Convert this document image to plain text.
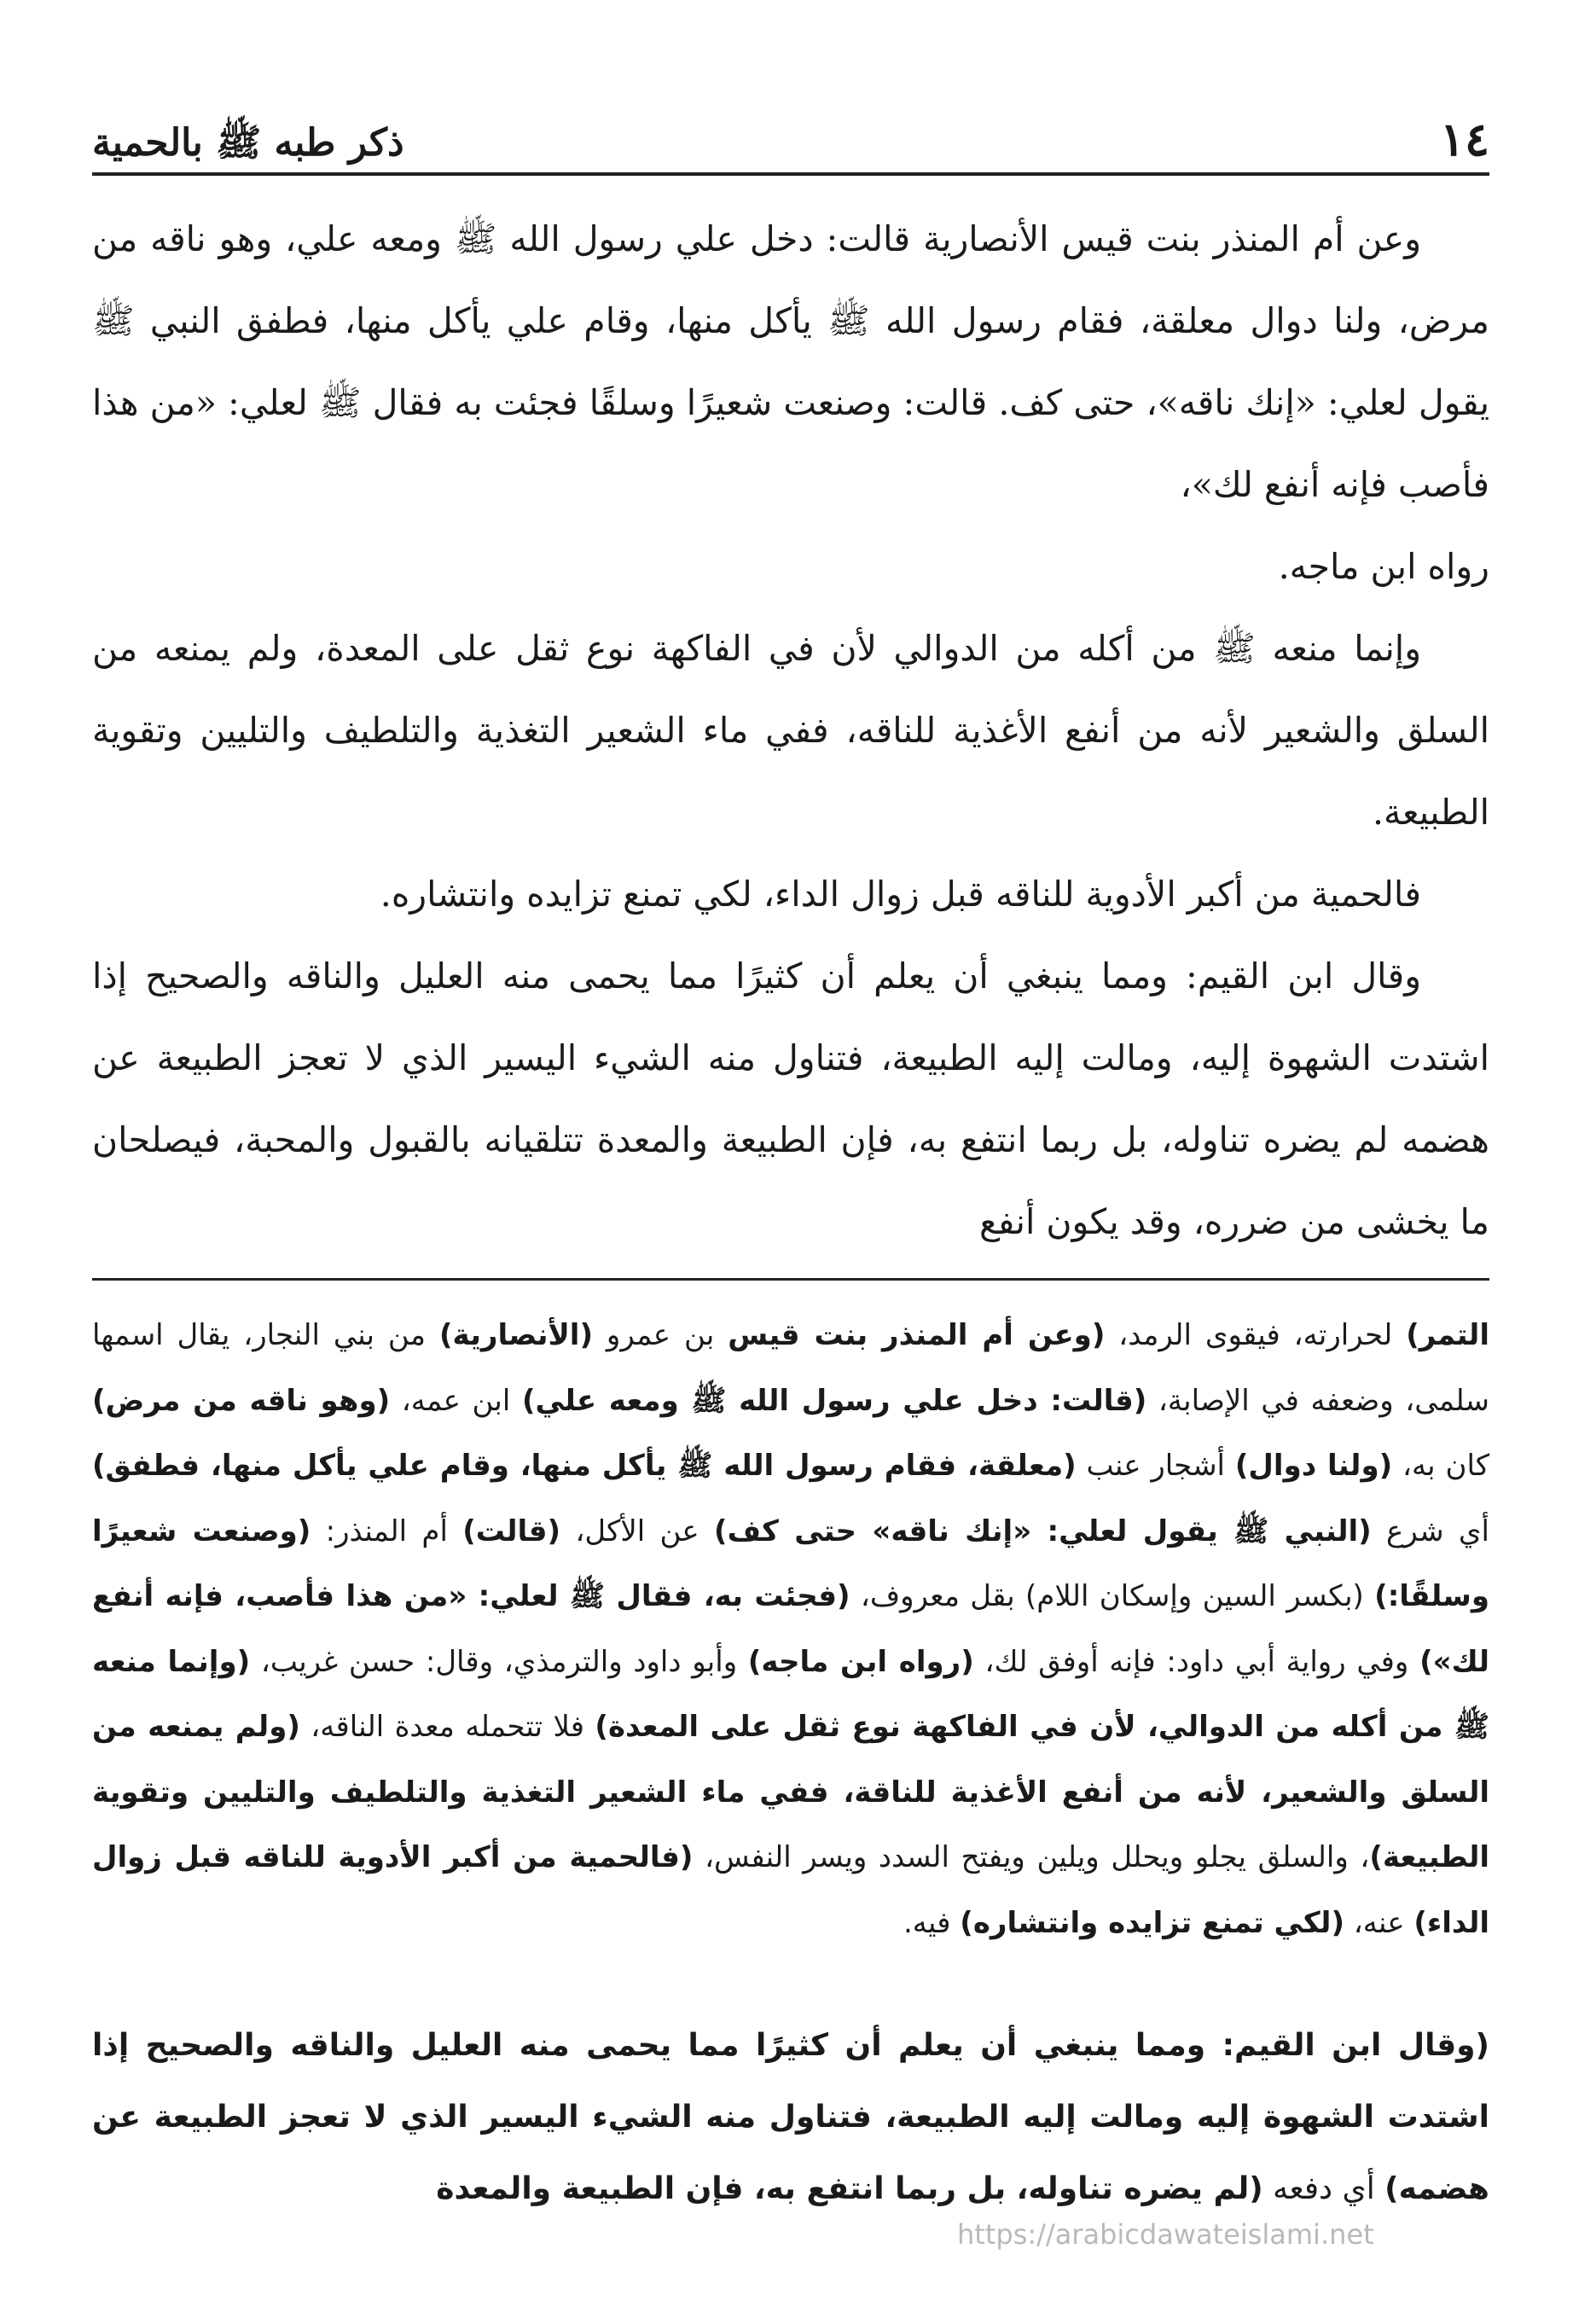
١٤
ذكر طبه ﷺ بالحمية

وعن أم المنذر بنت قيس الأنصارية قالت: دخل علي رسول الله ﷺ ومعه علي، وهو ناقه من مرض، ولنا دوال معلقة، فقام رسول الله ﷺ يأكل منها، وقام علي يأكل منها، فطفق النبي ﷺ يقول لعلي: «إنك ناقه»، حتى كف. قالت: وصنعت شعيرًا وسلقًا فجئت به فقال ﷺ لعلي: «من هذا فأصب فإنه أنفع لك»،

رواه ابن ماجه.

وإنما منعه ﷺ من أكله من الدوالي لأن في الفاكهة نوع ثقل على المعدة، ولم يمنعه من السلق والشعير لأنه من أنفع الأغذية للناقه، ففي ماء الشعير التغذية والتلطيف والتليين وتقوية الطبيعة.

فالحمية من أكبر الأدوية للناقه قبل زوال الداء، لكي تمنع تزايده وانتشاره.

وقال ابن القيم: ومما ينبغي أن يعلم أن كثيرًا مما يحمى منه العليل والناقه والصحيح إذا اشتدت الشهوة إليه، ومالت إليه الطبيعة، فتناول منه الشيء اليسير الذي لا تعجز الطبيعة عن هضمه لم يضره تناوله، بل ربما انتفع به، فإن الطبيعة والمعدة تتلقيانه بالقبول والمحبة، فيصلحان ما يخشى من ضرره، وقد يكون أنفع

التمر) لحرارته، فيقوى الرمد، (وعن أم المنذر بنت قيس بن عمرو (الأنصارية) من بني النجار، يقال اسمها سلمى، وضعفه في الإصابة، (قالت: دخل علي رسول الله ﷺ ومعه علي) ابن عمه، (وهو ناقه من مرض) كان به، (ولنا دوال) أشجار عنب (معلقة، فقام رسول الله ﷺ يأكل منها، وقام علي يأكل منها، فطفق) أي شرع (النبي ﷺ يقول لعلي: «إنك ناقه» حتى كف) عن الأكل، (قالت) أم المنذر: (وصنعت شعيرًا وسلقًا:) (بكسر السين وإسكان اللام) بقل معروف، (فجئت به، فقال ﷺ لعلي: «من هذا فأصب، فإنه أنفع لك») وفي رواية أبي داود: فإنه أوفق لك، (رواه ابن ماجه) وأبو داود والترمذي، وقال: حسن غريب، (وإنما منعه ﷺ من أكله من الدوالي، لأن في الفاكهة نوع ثقل على المعدة) فلا تتحمله معدة الناقه، (ولم يمنعه من السلق والشعير، لأنه من أنفع الأغذية للناقة، ففي ماء الشعير التغذية والتلطيف والتليين وتقوية الطبيعة)، والسلق يجلو ويحلل ويلين ويفتح السدد ويسر النفس، (فالحمية من أكبر الأدوية للناقه قبل زوال الداء) عنه، (لكي تمنع تزايده وانتشاره) فيه.

(وقال ابن القيم: ومما ينبغي أن يعلم أن كثيرًا مما يحمى منه العليل والناقه والصحيح إذا اشتدت الشهوة إليه ومالت إليه الطبيعة، فتناول منه الشيء اليسير الذي لا تعجز الطبيعة عن هضمه) أي دفعه (لم يضره تناوله، بل ربما انتفع به، فإن الطبيعة والمعدة

https://arabicdawateislami.net
